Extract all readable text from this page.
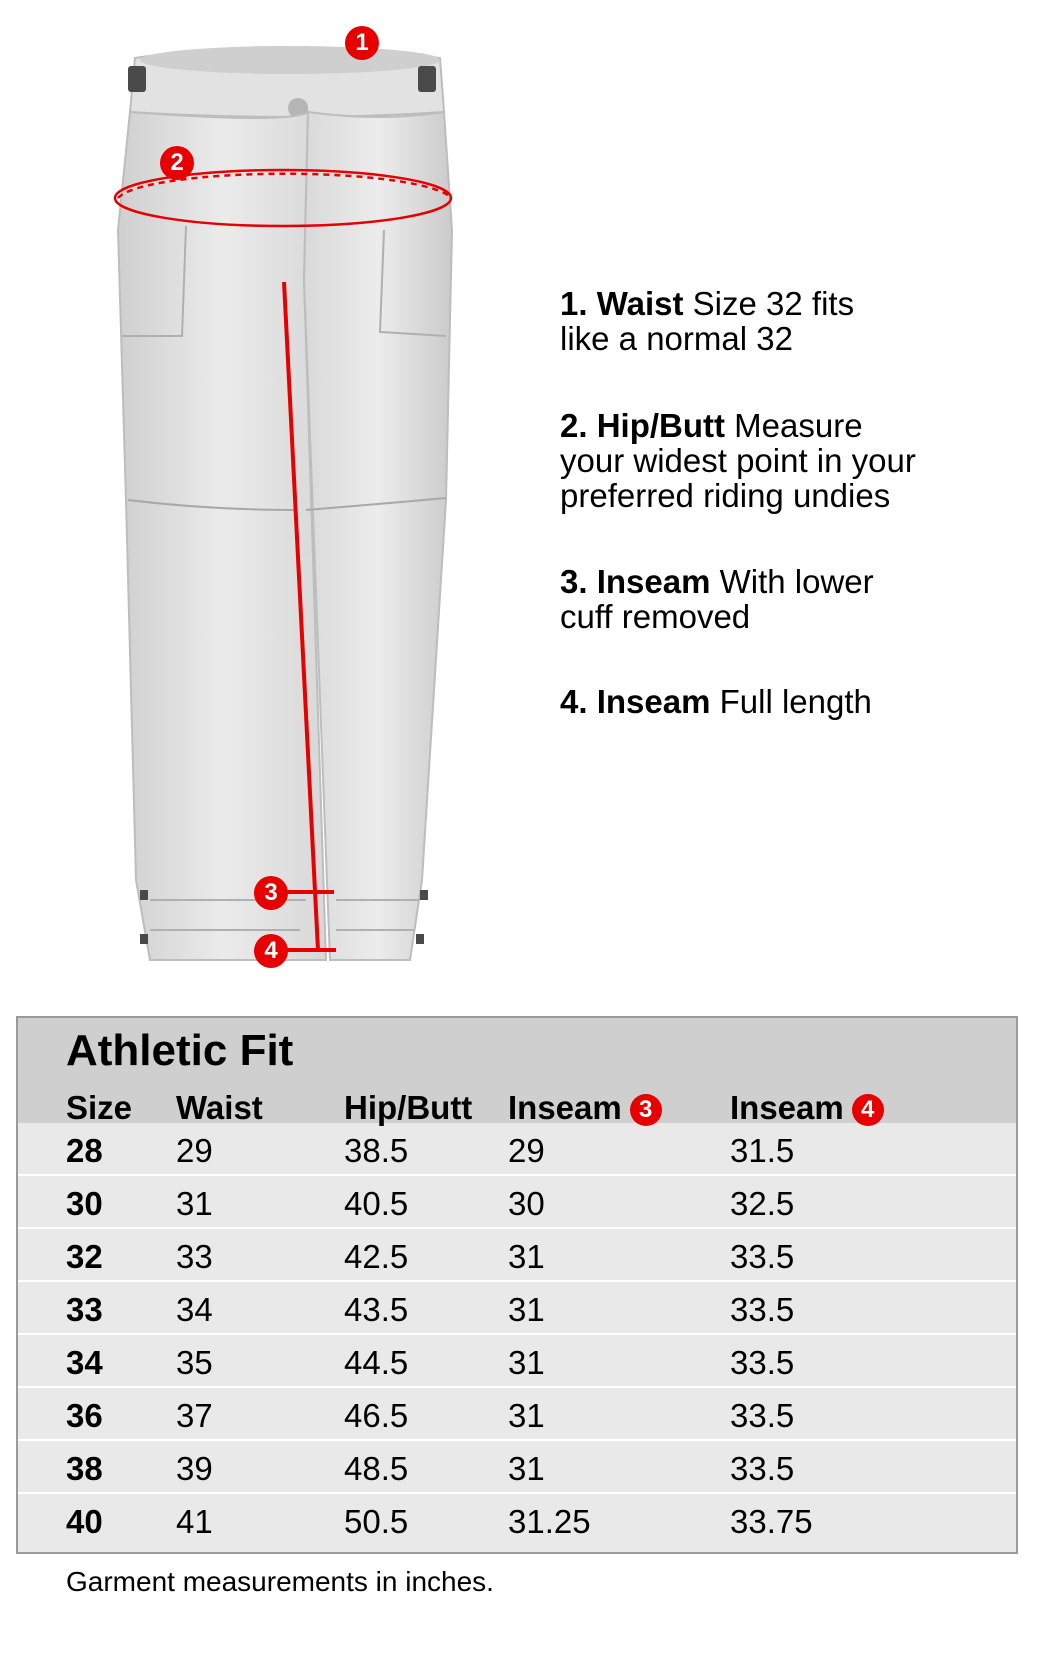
1
2
3
4
1. Waist Size 32 fits
like a normal 32
2. Hip/Butt Measure
your widest point in your
preferred riding undies
3. Inseam With lower
cuff removed
4. Inseam Full length
Athletic Fit
Size Waist Hip/Butt Inseam 3 Inseam 4
28 29	38.5	29	31.5
30 31	40.5	30	32.5
32 33	42.5	31	33.5
33 34	43.5	31	33.5
34 35	44.5	31	33.5
36 37	46.5	31	33.5
38 39	48.5	31	33.5
40 41	50.5	31.25	33.75
Garment measurements in inches.
